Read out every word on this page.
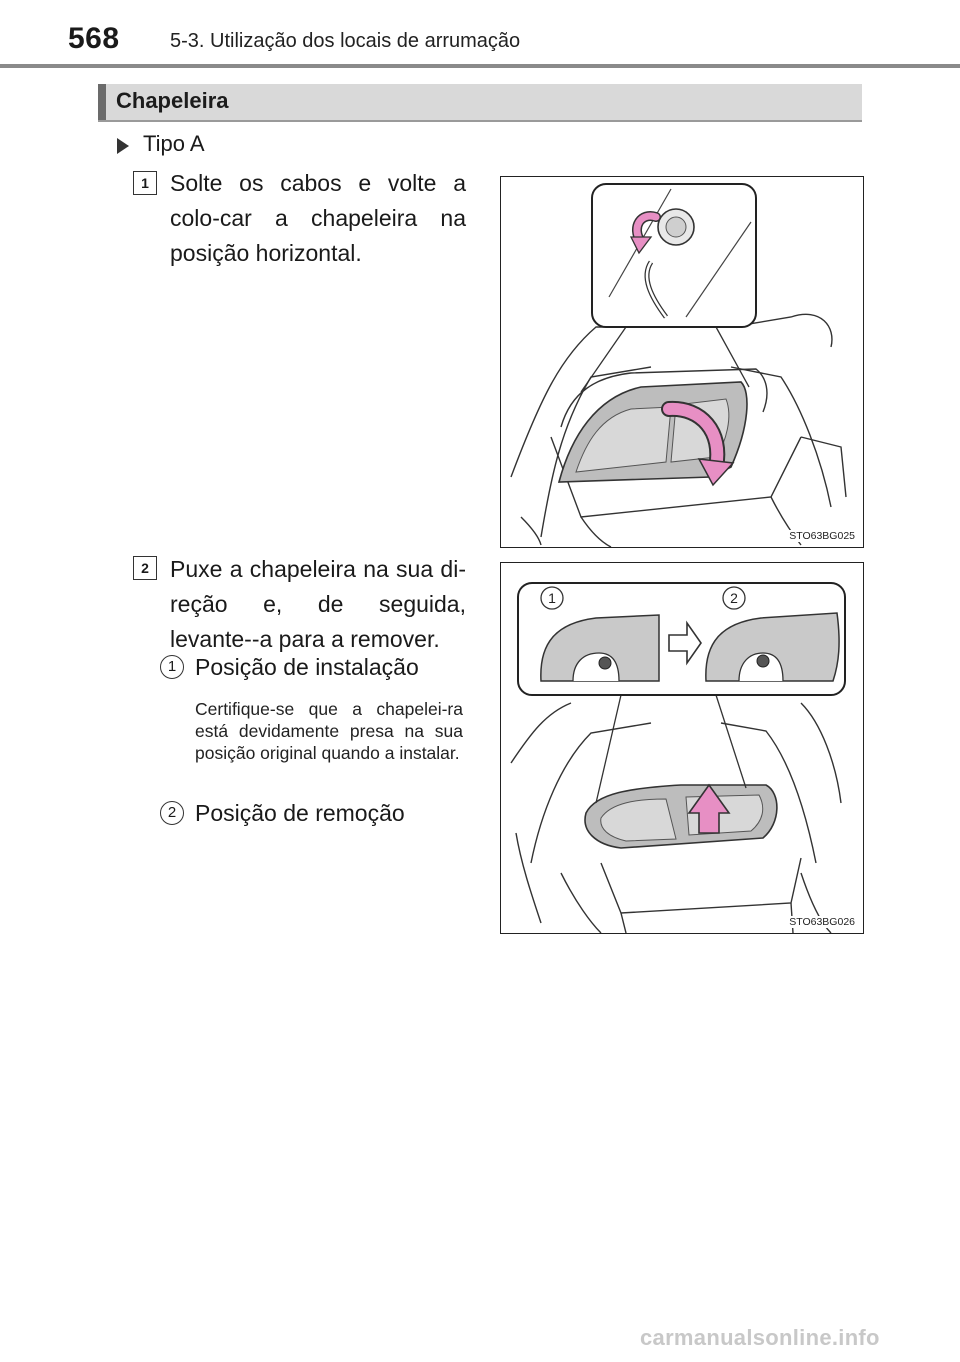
568	5-3. Utilização dos locais de arrumação
Chapeleira
Tipo A
1 Solte os cabos e volte a colo-car a chapeleira na posição horizontal.
STO63BG025
2 Puxe a chapeleira na sua di-reção e, de seguida, levante--a para a remover.
1 Posição de instalação
Certifique-se que a chapelei-ra está devidamente presa na sua posição original quando a instalar.
2 Posição de remoção
1	2
STO63BG026
carmanualsonline.info
